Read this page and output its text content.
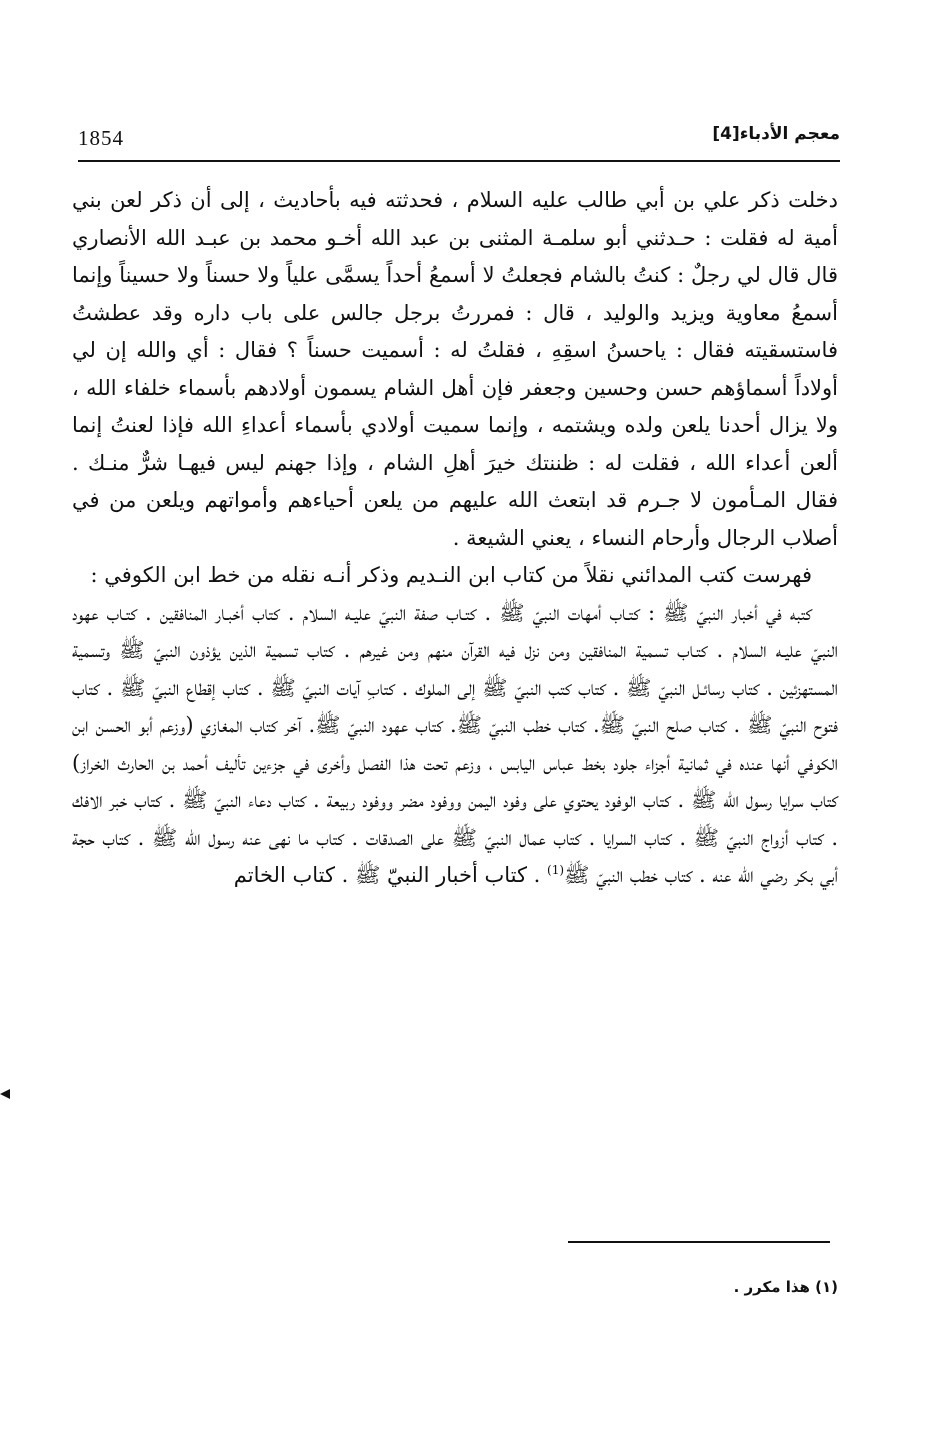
1854	معجم الأدباء[4]

دخلت ذكر علي بن أبي طالب عليه السلام ، فحدثته فيه بأحاديث ، إلى أن ذكر لعن بني أمية له فقلت : حـدثني أبو سلمـة المثنى بن عبد الله أخـو محمد بن عبـد الله الأنصاري قال قال لي رجلٌ : كنتُ بالشام فجعلتُ لا أسمعُ أحداً يسمَّى علياً ولا حسناً ولا حسيناً وإنما أسمعُ معاوية ويزيد والوليد ، قال : فمررتُ برجل جالس على باب داره وقد عطشتُ فاستسقيته فقال : ياحسنُ اسقِهِ ، فقلتُ له : أسميت حسناً ؟ فقال : أي والله إن لي أولاداً أسماؤهم حسن وحسين وجعفر فإن أهل الشام يسمون أولادهم بأسماء خلفاء الله ، ولا يزال أحدنا يلعن ولده ويشتمه ، وإنما سميت أولادي بأسماء أعداءِ الله فإذا لعنتُ إنما ألعن أعداء الله ، فقلت له : ظننتك خيرَ أهلِ الشام ، وإذا جهنم ليس فيهـا شرٌّ منـك . فقال المـأمون لا جـرم قد ابتعث الله عليهم من يلعن أحياءهم وأمواتهم ويلعن من في أصلاب الرجال وأرحام النساء ، يعني الشيعة .

فهرست كتب المدائني نقلاً من كتاب ابن النـديم وذكر أنـه نقله من خط ابن الكوفي :

كتبه في أخبار النبيّ ﷺ : كتـاب أمهات النبيّ ﷺ . كتـاب صفة النبيّ عليـه السلام . كتاب أخبـار المنافقين . كتـاب عهود النبيّ عليـه السلام . كتـاب تسمية المنافقين ومن نزل فيه القرآن منهم ومن غيرهم . كتاب تسمية الذين يؤذون النبيّ ﷺ وتسمية المستهزئين . كتاب رسائـل النبيّ ﷺ . كتاب كتب النبيّ ﷺ إلى الملوك . كتابِ آيات النبيّ ﷺ . كتاب إقطاع النبيّ ﷺ . كتاب فتوح النبيّ ﷺ . كتاب صلح النبيّ ﷺ. كتاب خطب النبيّ ﷺ. كتاب عهود النبيّ ﷺ. آخر كتاب المغازي (وزعم أبو الحسن ابن الكوفي أنها عنده في ثمانية أجزاء جلود بخط عباس اليابس ، وزعم تحت هذا الفصل وأخرى في جزءين تأليف أحمد بن الحارث الخراز) كتاب سرايا رسول الله ﷺ . كتاب الوفود يحتوي على وفود اليمن ووفود مضر ووفود ربيعة . كتاب دعاء النبيّ ﷺ . كتاب خبر الافك . كتاب أزواج النبيّ ﷺ . كتاب السرايا . كتاب عمال النبيّ ﷺ على الصدقات . كتاب ما نهى عنه رسول اللّه ﷺ . كتاب حجة أبي بكر رضي اللّه عنه . كتاب خطب النبيّ ﷺ$^{(1)}$ . كتاب أخبار النبيّ ﷺ . كتاب الخاتم

(١) هذا مكرر .
